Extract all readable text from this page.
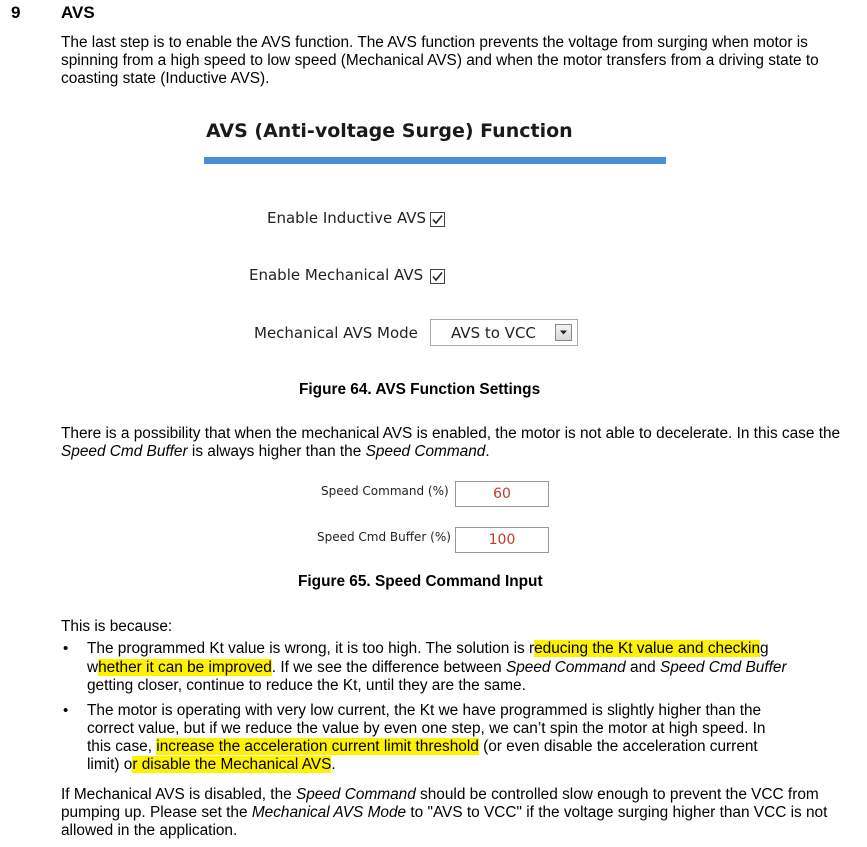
9 AVS
The last step is to enable the AVS function. The AVS function prevents the voltage from surging when motor is spinning from a high speed to low speed (Mechanical AVS) and when the motor transfers from a driving state to coasting state (Inductive AVS).
AVS (Anti-voltage Surge) Function
Enable Inductive AVS
Enable Mechanical AVS
Mechanical AVS Mode AVS to VCC
Figure 64. AVS Function Settings
There is a possibility that when the mechanical AVS is enabled, the motor is not able to decelerate. In this case the Speed Cmd Buffer is always higher than the Speed Command.
Speed Command (%)	60
Speed Cmd Buffer (%)	100
Figure 65. Speed Command Input
This is because:
• The programmed Kt value is wrong, it is too high. The solution is reducing the Kt value and checking
whether it can be improved. If we see the difference between Speed Command and Speed Cmd Buffer
getting closer, continue to reduce the Kt, until they are the same.
• The motor is operating with very low current, the Kt we have programmed is slightly higher than the
correct value, but if we reduce the value by even one step, we can’t spin the motor at high speed. In
this case, increase the acceleration current limit threshold (or even disable the acceleration current
limit) or disable the Mechanical AVS.
If Mechanical AVS is disabled, the Speed Command should be controlled slow enough to prevent the VCC from pumping up. Please set the Mechanical AVS Mode to "AVS to VCC" if the voltage surging higher than VCC is not allowed in the application.
